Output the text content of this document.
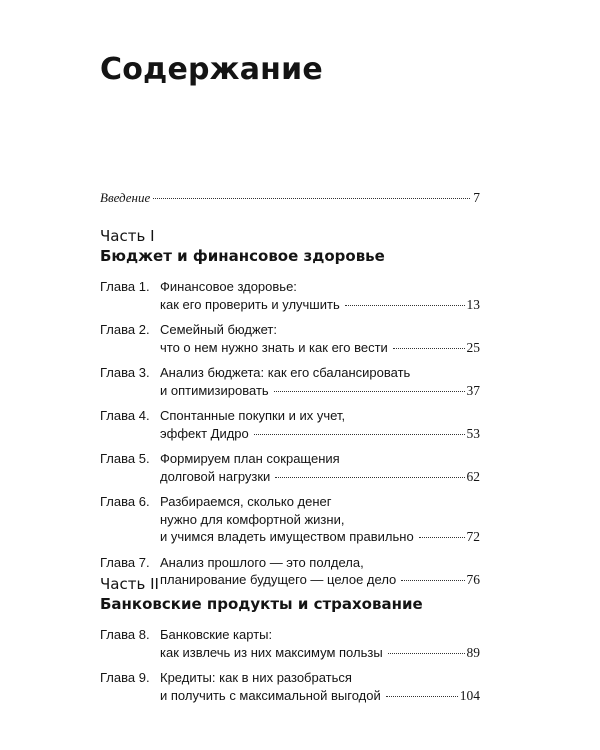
Содержание
Введение	7
Часть I
Бюджет и финансовое здоровье
Глава 1. Финансовое здоровье:
как его проверить и улучшить	13
Глава 2. Семейный бюджет:
что о нем нужно знать и как его вести	25
Глава 3. Анализ бюджета: как его сбалансировать
и оптимизировать	37
Глава 4. Спонтанные покупки и их учет,
эффект Дидро	53
Глава 5. Формируем план сокращения
долговой нагрузки	62
Глава 6. Разбираемся, сколько денег
нужно для комфортной жизни,
и учимся владеть имуществом правильно	72
Глава 7. Анализ прошлого — это полдела,
планирование будущего — целое дело	76
Часть II
Банковские продукты и страхование
Глава 8. Банковские карты:
как извлечь из них максимум пользы	89
Глава 9. Кредиты: как в них разобраться
и получить с максимальной выгодой	104
